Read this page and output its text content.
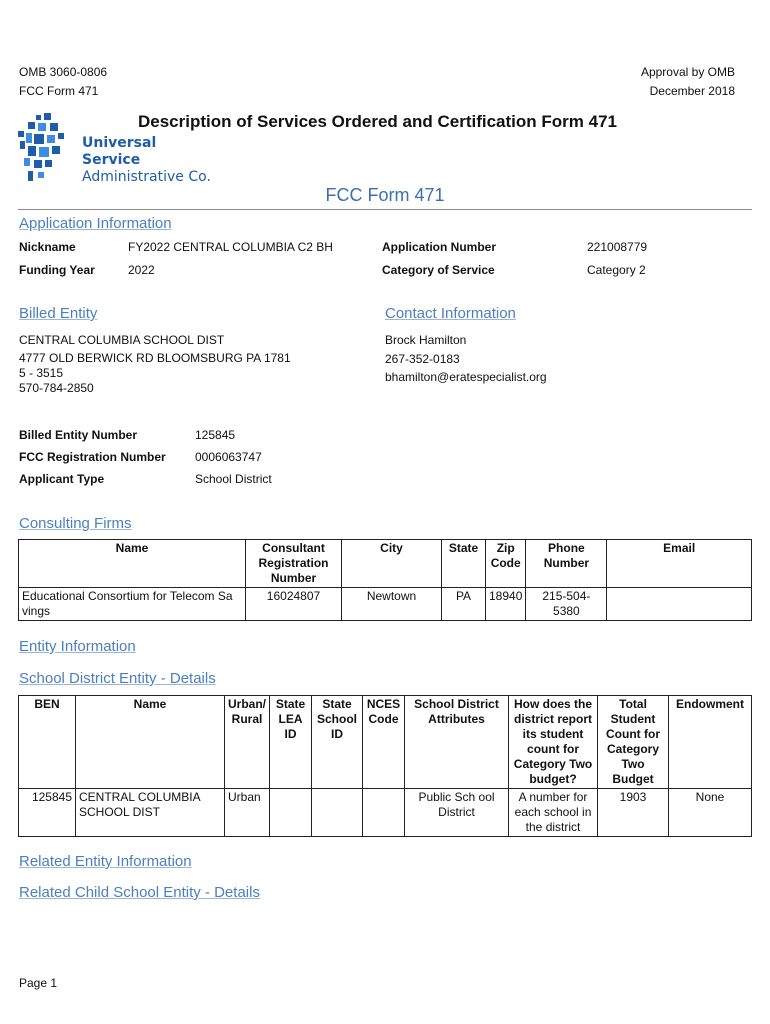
OMB 3060-0806
FCC Form 471
Approval by OMB
December 2018
Universal Service
Administrative Co.
Description of Services Ordered and Certification Form 471
FCC Form 471
Application Information
Nickname	FY2022 CENTRAL COLUMBIA C2 BH
Funding Year	2022
Application Number	221008779
Category of Service	Category 2
Billed Entity
CENTRAL COLUMBIA SCHOOL DIST
4777 OLD BERWICK RD BLOOMSBURG PA 1781
5 - 3515
570-784-2850
Contact Information
Brock Hamilton
267-352-0183
bhamilton@eratespecialist.org
Billed Entity Number	125845
FCC Registration Number 0006063747
Applicant Type	School District
Consulting Firms
Name	Consultant Registration Number	City	State	Zip Code	Phone Number	Email
Educational Consortium for Telecom Sa vings	16024807	Newtown	PA	18940	215-504-5380	
Entity Information
School District Entity - Details
BEN	Name	Urban/ Rural	State LEA ID	State School ID	NCES Code	School District Attributes	How does the district report its student count for Category Two budget?	Total Student Count for Category Two Budget	Endowment
125845	CENTRAL COLUMBIA SCHOOL DIST	Urban				Public Sch ool District	A number for each school in the district	1903	None
Related Entity Information
Related Child School Entity - Details
Page 1
